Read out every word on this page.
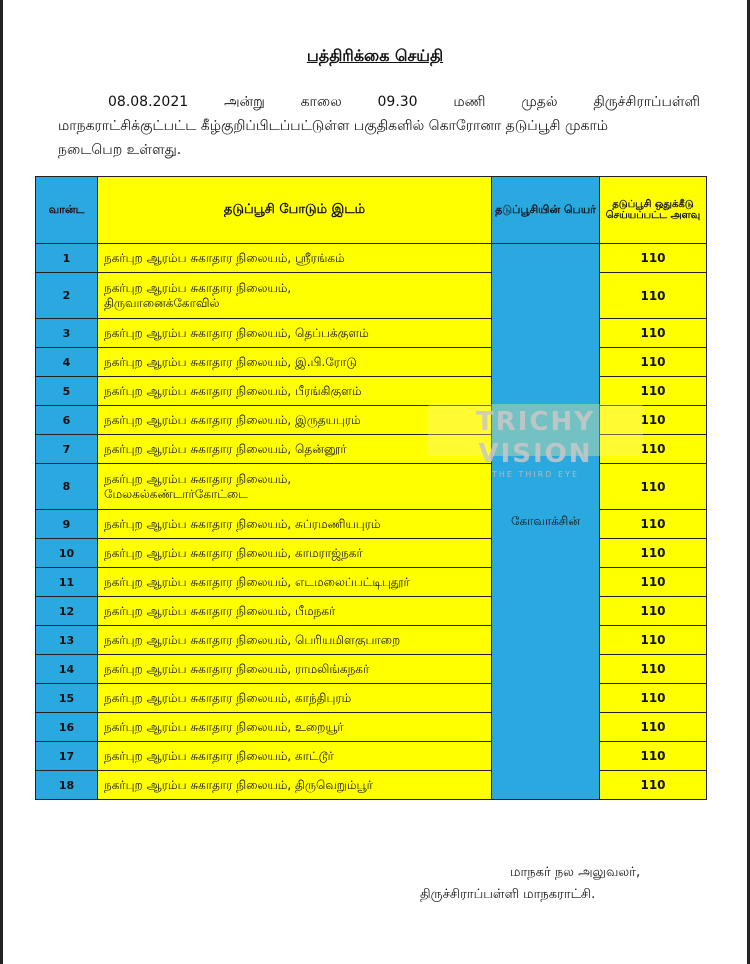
பத்திரிக்கை செய்தி
08.08.2021	அன்று	காலை	09.30	மணி	முதல்	திருச்சிராப்பள்ளி
மாநகராட்சிக்குட்பட்ட கீழ்குறிப்பிடப்பட்டுள்ள பகுதிகளில் கொரோனா தடுப்பூசி முகாம்
நடைபெற உள்ளது.
வான்ட	தடுப்பூசி போடும் இடம்	தடுப்பூசியின் பெயர்	தடுப்பூசி ஒதுக்கீடு செய்யப்பட்ட அளவு
1	நகர்புற ஆரம்ப சுகாதார நிலையம், ஸ்ரீரங்கம்	கோவாக்சின்	110
2	நகர்புற ஆரம்ப சுகாதார நிலையம்,
திருவானைக்கோவில்		110
3	நகர்புற ஆரம்ப சுகாதார நிலையம், தெப்பக்குளம்		110
4	நகர்புற ஆரம்ப சுகாதார நிலையம், இ.பி.ரோடு		110
5	நகர்புற ஆரம்ப சுகாதார நிலையம், பீரங்கிகுளம்		110
6	நகர்புற ஆரம்ப சுகாதார நிலையம், இருதயபுரம்		110
7	நகர்புற ஆரம்ப சுகாதார நிலையம், தென்னூர்		110
8	நகர்புற ஆரம்ப சுகாதார நிலையம்,
மேலகல்கண்டார்கோட்டை		110
9	நகர்புற ஆரம்ப சுகாதார நிலையம், சுப்ரமணியபுரம்		110
10	நகர்புற ஆரம்ப சுகாதார நிலையம், காமராஜ்நகர்		110
11	நகர்புற ஆரம்ப சுகாதார நிலையம், எடமலைப்பட்டிபுதூர்		110
12	நகர்புற ஆரம்ப சுகாதார நிலையம், பீமநகர்		110
13	நகர்புற ஆரம்ப சுகாதார நிலையம், பெரியமிளகுபாறை		110
14	நகர்புற ஆரம்ப சுகாதார நிலையம், ராமலிங்கநகர்		110
15	நகர்புற ஆரம்ப சுகாதார நிலையம், காந்திபுரம்		110
16	நகர்புற ஆரம்ப சுகாதார நிலையம், உறையூர்		110
17	நகர்புற ஆரம்ப சுகாதார நிலையம், காட்டூர்		110
18	நகர்புற ஆரம்ப சுகாதார நிலையம், திருவெறும்பூர்		110
TRICHY VISION
THE THIRD EYE
மாநகர் நல அலுவலர்,
திருச்சிராப்பள்ளி மாநகராட்சி.
